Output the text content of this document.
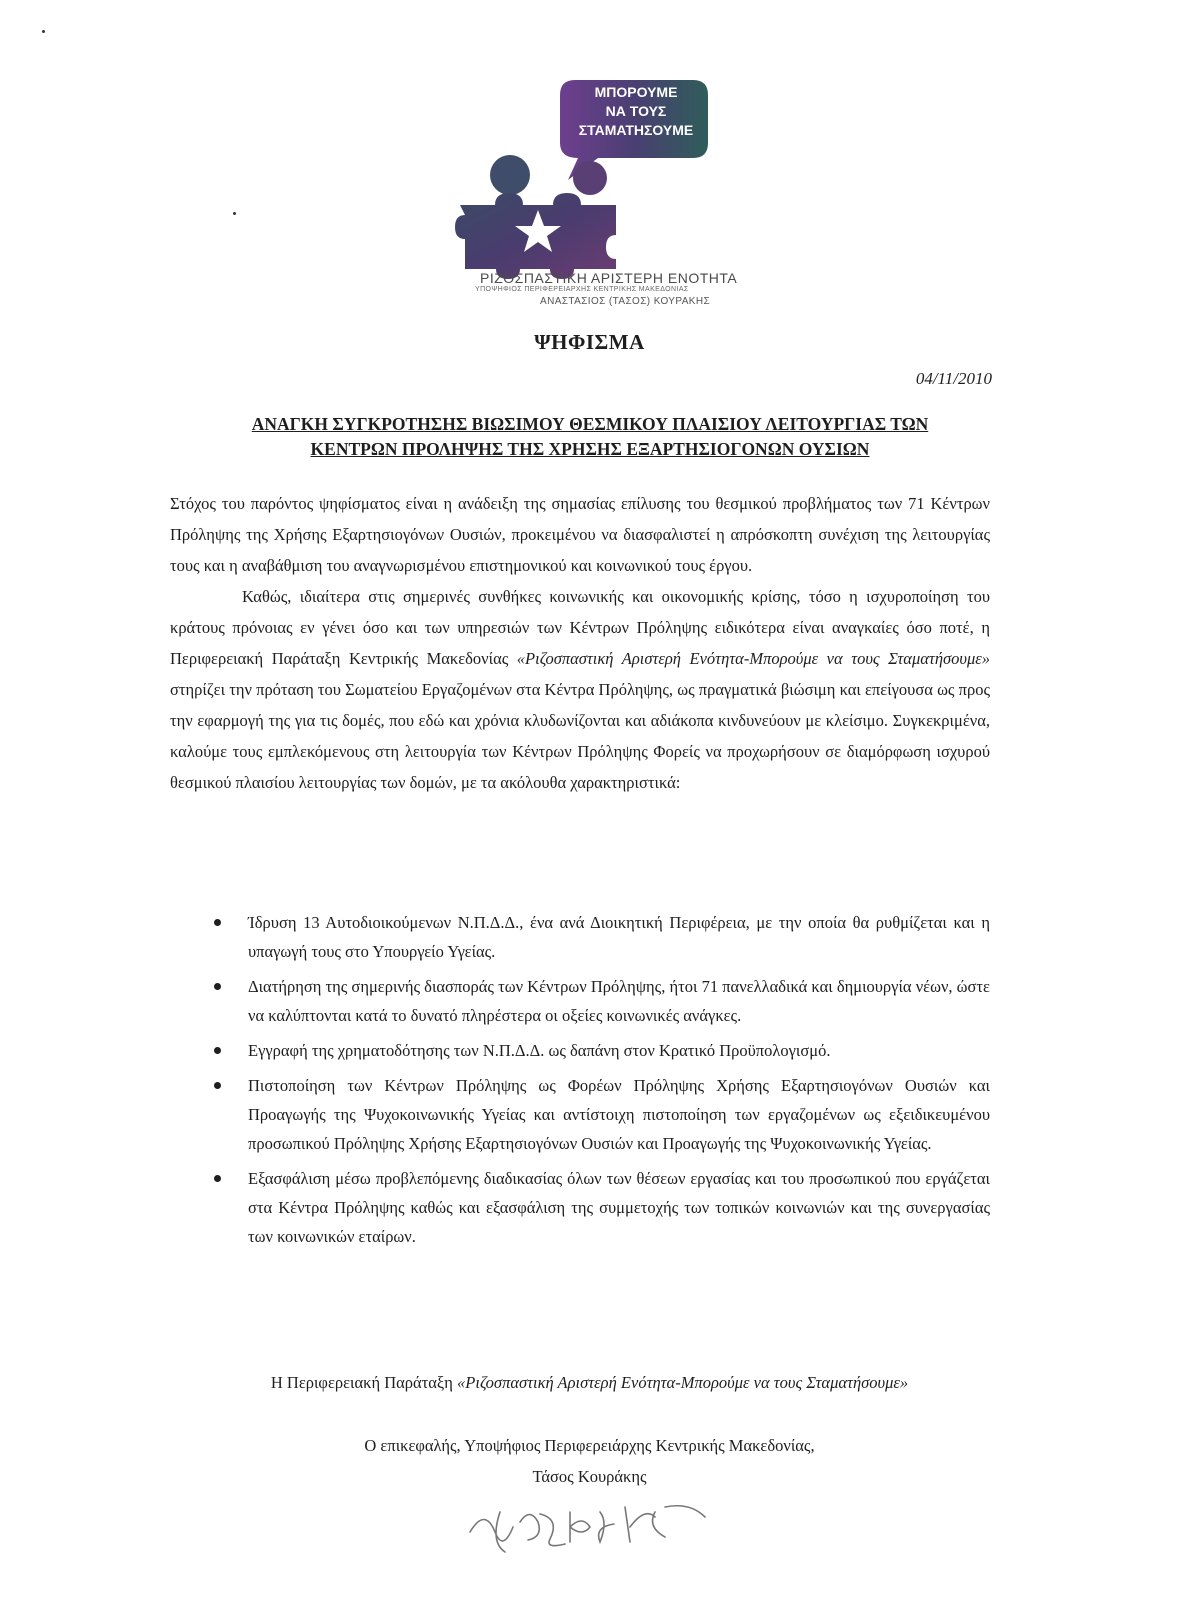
ΜΠΟΡΟΥΜΕ
ΝΑ ΤΟΥΣ
ΣΤΑΜΑΤΗΣΟΥΜΕ
ΡΙΖΟΣΠΑΣΤΙΚΗ ΑΡΙΣΤΕΡΗ ΕΝΟΤΗΤΑ
ΥΠΟΨΗΦΙΟΣ ΠΕΡΙΦΕΡΕΙΑΡΧΗΣ ΚΕΝΤΡΙΚΗΣ ΜΑΚΕΔΟΝΙΑΣ
ΑΝΑΣΤΑΣΙΟΣ (ΤΑΣΟΣ) ΚΟΥΡΑΚΗΣ
ΨΗΦΙΣΜΑ
04/11/2010
ΑΝΑΓΚΗ ΣΥΓΚΡΟΤΗΣΗΣ ΒΙΩΣΙΜΟΥ ΘΕΣΜΙΚΟΥ ΠΛΑΙΣΙΟΥ ΛΕΙΤΟΥΡΓΙΑΣ ΤΩΝ
ΚΕΝΤΡΩΝ ΠΡΟΛΗΨΗΣ ΤΗΣ ΧΡΗΣΗΣ ΕΞΑΡΤΗΣΙΟΓΟΝΩΝ ΟΥΣΙΩΝ

Στόχος του παρόντος ψηφίσματος είναι η ανάδειξη της σημασίας επίλυσης του θεσμικού προβλήματος των 71 Κέντρων Πρόληψης της Χρήσης Εξαρτησιογόνων Ουσιών, προκειμένου να διασφαλιστεί η απρόσκοπτη συνέχιση της λειτουργίας τους και η αναβάθμιση του αναγνωρισμένου επιστημονικού και κοινωνικού τους έργου.

Καθώς, ιδιαίτερα στις σημερινές συνθήκες κοινωνικής και οικονομικής κρίσης, τόσο η ισχυροποίηση του κράτους πρόνοιας εν γένει όσο και των υπηρεσιών των Κέντρων Πρόληψης ειδικότερα είναι αναγκαίες όσο ποτέ, η Περιφερειακή Παράταξη Κεντρικής Μακεδονίας «Ριζοσπαστική Αριστερή Ενότητα-Μπορούμε να τους Σταματήσουμε» στηρίζει την πρόταση του Σωματείου Εργαζομένων στα Κέντρα Πρόληψης, ως πραγματικά βιώσιμη και επείγουσα ως προς την εφαρμογή της για τις δομές, που εδώ και χρόνια κλυδωνίζονται και αδιάκοπα κινδυνεύουν με κλείσιμο. Συγκεκριμένα, καλούμε τους εμπλεκόμενους στη λειτουργία των Κέντρων Πρόληψης Φορείς να προχωρήσουν σε διαμόρφωση ισχυρού θεσμικού πλαισίου λειτουργίας των δομών, με τα ακόλουθα χαρακτηριστικά:

Ίδρυση 13 Αυτοδιοικούμενων Ν.Π.Δ.Δ., ένα ανά Διοικητική Περιφέρεια, με την οποία θα ρυθμίζεται και η υπαγωγή τους στο Υπουργείο Υγείας.
Διατήρηση της σημερινής διασποράς των Κέντρων Πρόληψης, ήτοι 71 πανελλαδικά και δημιουργία νέων, ώστε να καλύπτονται κατά το δυνατό πληρέστερα οι οξείες κοινωνικές ανάγκες.
Εγγραφή της χρηματοδότησης των Ν.Π.Δ.Δ. ως δαπάνη στον Κρατικό Προϋπολογισμό.
Πιστοποίηση των Κέντρων Πρόληψης ως Φορέων Πρόληψης Χρήσης Εξαρτησιογόνων Ουσιών και Προαγωγής της Ψυχοκοινωνικής Υγείας και αντίστοιχη πιστοποίηση των εργαζομένων ως εξειδικευμένου προσωπικού Πρόληψης Χρήσης Εξαρτησιογόνων Ουσιών και Προαγωγής της Ψυχοκοινωνικής Υγείας.
Εξασφάλιση μέσω προβλεπόμενης διαδικασίας όλων των θέσεων εργασίας και του προσωπικού που εργάζεται στα Κέντρα Πρόληψης καθώς και εξασφάλιση της συμμετοχής των τοπικών κοινωνιών και της συνεργασίας των κοινωνικών εταίρων.
Η Περιφερειακή Παράταξη «Ριζοσπαστική Αριστερή Ενότητα-Μπορούμε να τους Σταματήσουμε»
Ο επικεφαλής, Υποψήφιος Περιφερειάρχης Κεντρικής Μακεδονίας,
Τάσος Κουράκης
